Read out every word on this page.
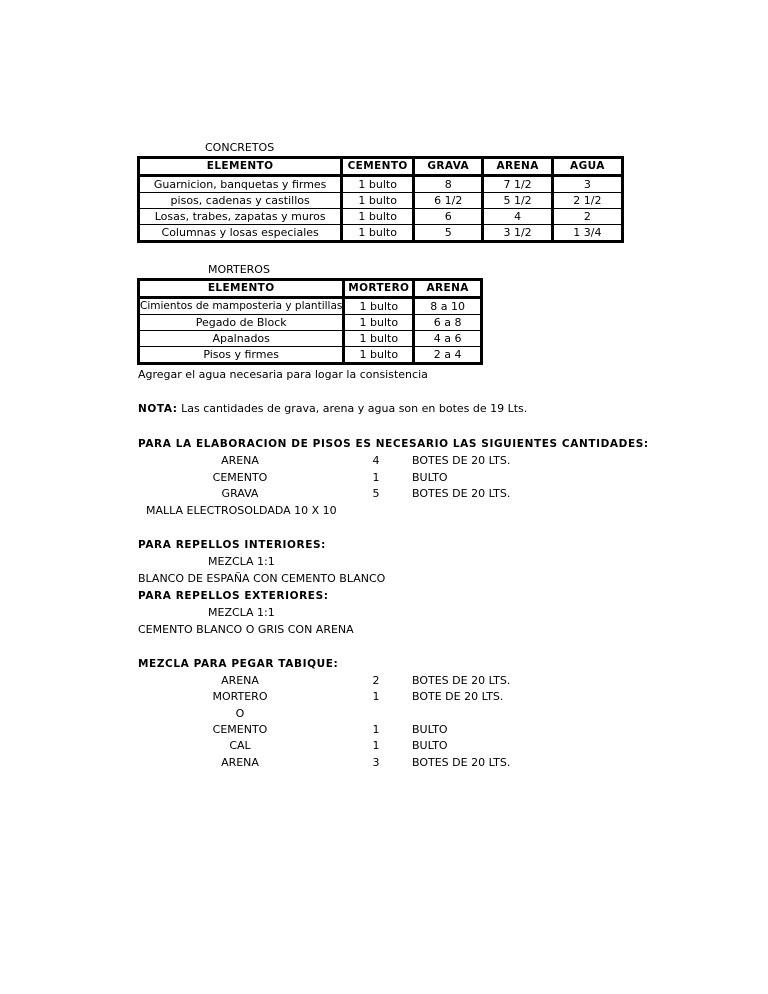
CONCRETOS
ELEMENTO	CEMENTO	GRAVA	ARENA	AGUA
Guarnicion, banquetas y firmes	1 bulto	8	7 1/2	3
pisos, cadenas y castillos	1 bulto	6 1/2	5 1/2	2 1/2
Losas, trabes, zapatas y muros	1 bulto	6	4	2
Columnas y losas especiales	1 bulto	5	3 1/2	1 3/4
MORTEROS
ELEMENTO	MORTERO	ARENA
Cimientos de mamposteria y plantillas	1 bulto	8 a 10
Pegado de Block	1 bulto	6 a 8
Apalnados	1 bulto	4 a 6
Pisos y firmes	1 bulto	2 a 4
Agregar el agua necesaria para logar la consistencia
NOTA: Las cantidades de grava, arena y agua son en botes de 19 Lts.
PARA LA ELABORACION DE PISOS ES NECESARIO LAS SIGUIENTES CANTIDADES:
ARENA	4	BOTES DE 20 LTS.
CEMENTO	1	BULTO
GRAVA	5	BOTES DE 20 LTS.
MALLA ELECTROSOLDADA 10 X 10
PARA REPELLOS INTERIORES:
MEZCLA 1:1
BLANCO DE ESPAÑA CON CEMENTO BLANCO
PARA REPELLOS EXTERIORES:
MEZCLA 1:1
CEMENTO BLANCO O GRIS CON ARENA
MEZCLA PARA PEGAR TABIQUE:
ARENA	2	BOTES DE 20 LTS.
MORTERO	1	BOTE DE 20 LTS.
O
CEMENTO	1	BULTO
CAL	1	BULTO
ARENA	3	BOTES DE 20 LTS.
